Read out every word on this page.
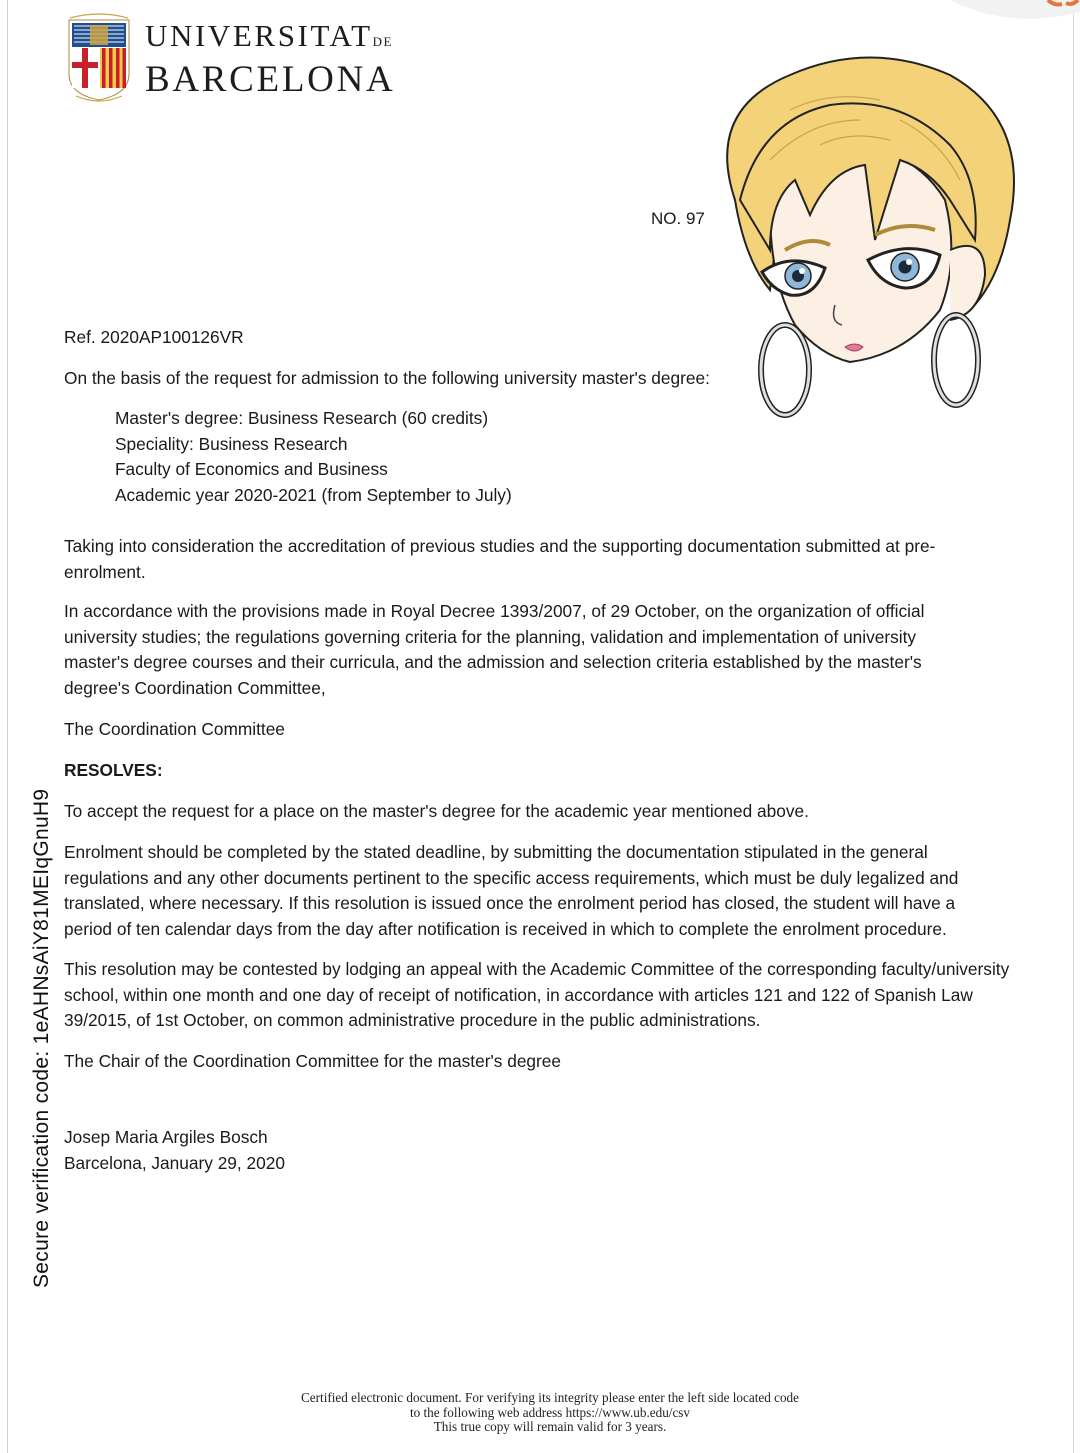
UNIVERSITATDE
BARCELONA
NO. 97
Ref. 2020AP100126VR
On the basis of the request for admission to the following university master's degree:
Master's degree: Business Research (60 credits)
Speciality: Business Research
Faculty of Economics and Business
Academic year 2020-2021 (from September to July)

Taking into consideration the accreditation of previous studies and the supporting documentation submitted at pre-enrolment.

In accordance with the provisions made in Royal Decree 1393/2007, of 29 October, on the organization of official university studies; the regulations governing criteria for the planning, validation and implementation of university master's degree courses and their curricula, and the admission and selection criteria established by the master's degree's Coordination Committee,

The Coordination Committee

RESOLVES:

To accept the request for a place on the master's degree for the academic year mentioned above.

Enrolment should be completed by the stated deadline, by submitting the documentation stipulated in the general regulations and any other documents pertinent to the specific access requirements, which must be duly legalized and translated, where necessary. If this resolution is issued once the enrolment period has closed, the student will have a period of ten calendar days from the day after notification is received in which to complete the enrolment procedure.

This resolution may be contested by lodging an appeal with the Academic Committee of the corresponding faculty/university school, within one month and one day of receipt of notification, in accordance with articles 121 and 122 of Spanish Law 39/2015, of 1st October, on common administrative procedure in the public administrations.

The Chair of the Coordination Committee for the master's degree

Josep Maria Argiles Bosch
Barcelona, January 29, 2020
Secure verification code: 1eAHNsAiY81MEIqGnuH9
Certified electronic document. For verifying its integrity please enter the left side located code
to the following web address https://www.ub.edu/csv
This true copy will remain valid for 3 years.
